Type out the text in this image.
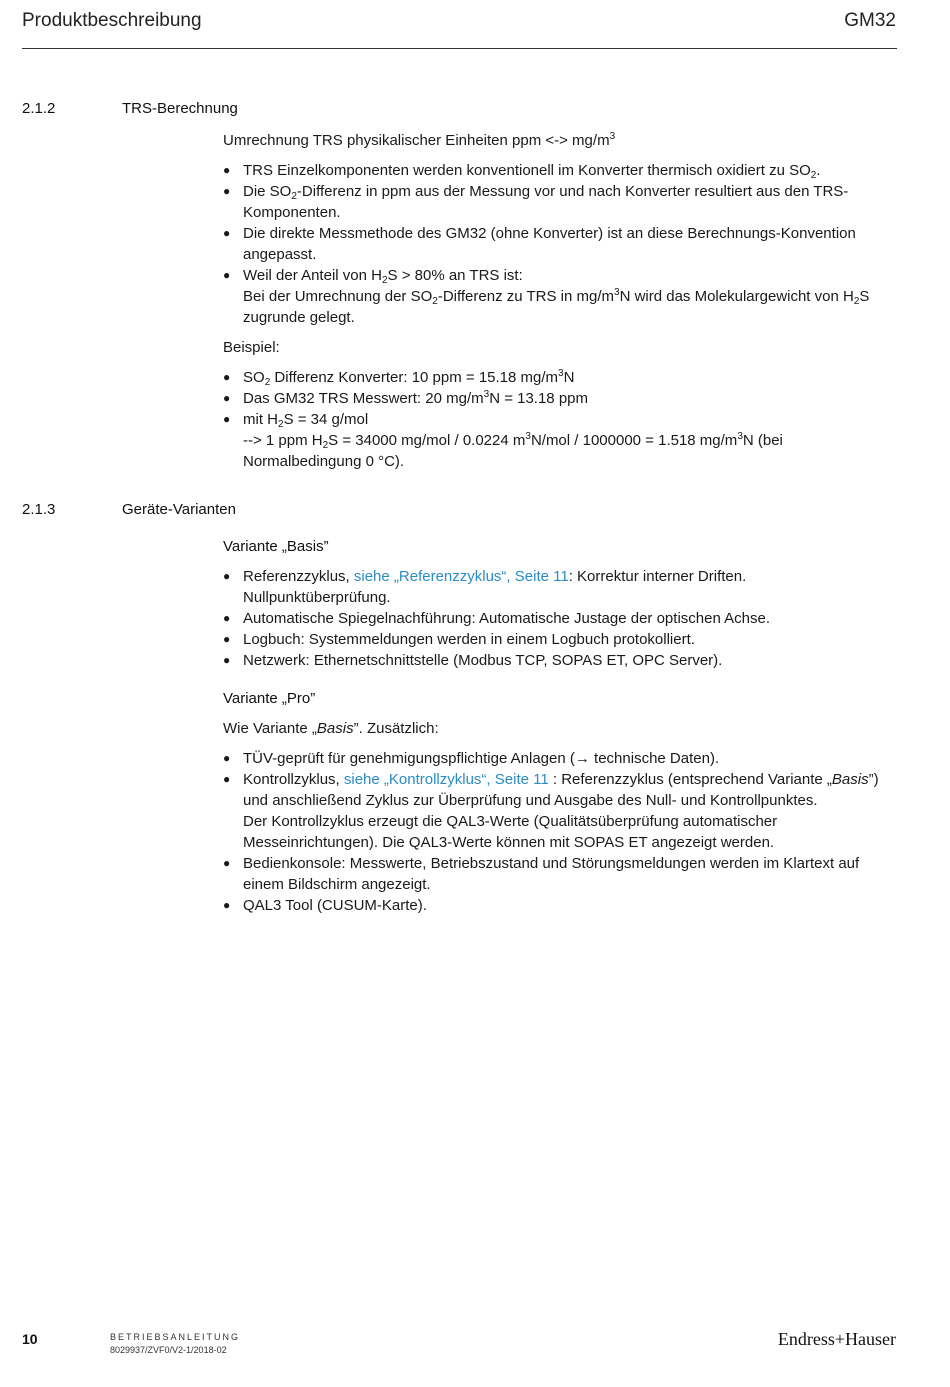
Produktbeschreibung	GM32
2.1.2	TRS-Berechnung

Umrechnung TRS physikalischer Einheiten ppm <-> $mg/m^3$

● TRS Einzelkomponenten werden konventionell im Konverter thermisch oxidiert zu $SO_2$.
● Die $SO_2$-Differenz in ppm aus der Messung vor und nach Konverter resultiert aus den TRS-Komponenten.
● Die direkte Messmethode des GM32 (ohne Konverter) ist an diese Berechnungs-Konvention angepasst.
● Weil der Anteil von $H_2S > 80\%$ an TRS ist:
Bei der Umrechnung der $SO_2$-Differenz zu TRS in $mg/m^3N$ wird das Molekulargewicht von $H_2S$ zugrunde gelegt.

Beispiel:

● $SO_2$ Differenz Konverter: 10 ppm = 15.18 $mg/m^3N$
● Das GM32 TRS Messwert: 20 $mg/m^3N = 13.18$ ppm
● mit $H_2S = 34$ g/mol
--> 1 ppm $H_2S = 34000$ mg/mol / 0.0224 $m^3N$/mol / 1000000 = 1.518 $mg/m^3N$ (bei Normalbedingung 0 °C).
2.1.3	Geräte-Varianten

Variante „Basis”

● Referenzzyklus, siehe „Referenzzyklus“, Seite 11: Korrektur interner Driften. Nullpunktüberprüfung.
● Automatische Spiegelnachführung: Automatische Justage der optischen Achse.
● Logbuch: Systemmeldungen werden in einem Logbuch protokolliert.
● Netzwerk: Ethernetschnittstelle (Modbus TCP, SOPAS ET, OPC Server).

Variante „Pro”

Wie Variante „Basis”. Zusätzlich:

● TÜV-geprüft für genehmigungspflichtige Anlagen (→ technische Daten).
● Kontrollzyklus, siehe „Kontrollzyklus“, Seite 11 : Referenzzyklus (entsprechend Variante „Basis”) und anschließend Zyklus zur Überprüfung und Ausgabe des Null- und Kontrollpunktes.
Der Kontrollzyklus erzeugt die QAL3-Werte (Qualitätsüberprüfung automatischer Messeinrichtungen). Die QAL3-Werte können mit SOPAS ET angezeigt werden.
● Bedienkonsole: Messwerte, Betriebszustand und Störungsmeldungen werden im Klartext auf einem Bildschirm angezeigt.
● QAL3 Tool (CUSUM-Karte).
10	BETRIEBSANLEITUNG
8029937/ZVF0/V2-1/2018-02
Endress+Hauser
